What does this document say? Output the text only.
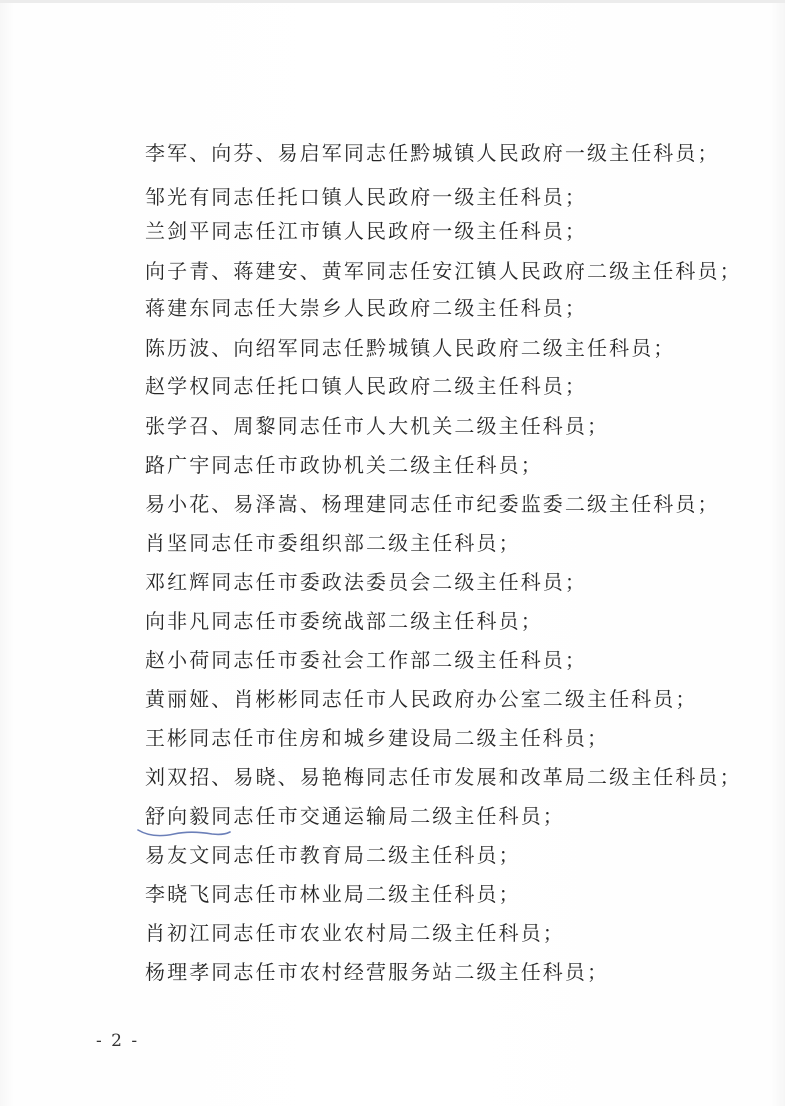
李军、向芬、易启军同志任黔城镇人民政府一级主任科员；
邹光有同志任托口镇人民政府一级主任科员；
兰剑平同志任江市镇人民政府一级主任科员；
向子青、蒋建安、黄军同志任安江镇人民政府二级主任科员；
蒋建东同志任大崇乡人民政府二级主任科员；
陈历波、向绍军同志任黔城镇人民政府二级主任科员；
赵学权同志任托口镇人民政府二级主任科员；
张学召、周黎同志任市人大机关二级主任科员；
路广宇同志任市政协机关二级主任科员；
易小花、易泽嵩、杨理建同志任市纪委监委二级主任科员；
肖坚同志任市委组织部二级主任科员；
邓红辉同志任市委政法委员会二级主任科员；
向非凡同志任市委统战部二级主任科员；
赵小荷同志任市委社会工作部二级主任科员；
黄丽娅、肖彬彬同志任市人民政府办公室二级主任科员；
王彬同志任市住房和城乡建设局二级主任科员；
刘双招、易晓、易艳梅同志任市发展和改革局二级主任科员；
舒向毅同志任市交通运输局二级主任科员；
易友文同志任市教育局二级主任科员；
李晓飞同志任市林业局二级主任科员；
肖初江同志任市农业农村局二级主任科员；
杨理孝同志任市农村经营服务站二级主任科员；
- 2 -
